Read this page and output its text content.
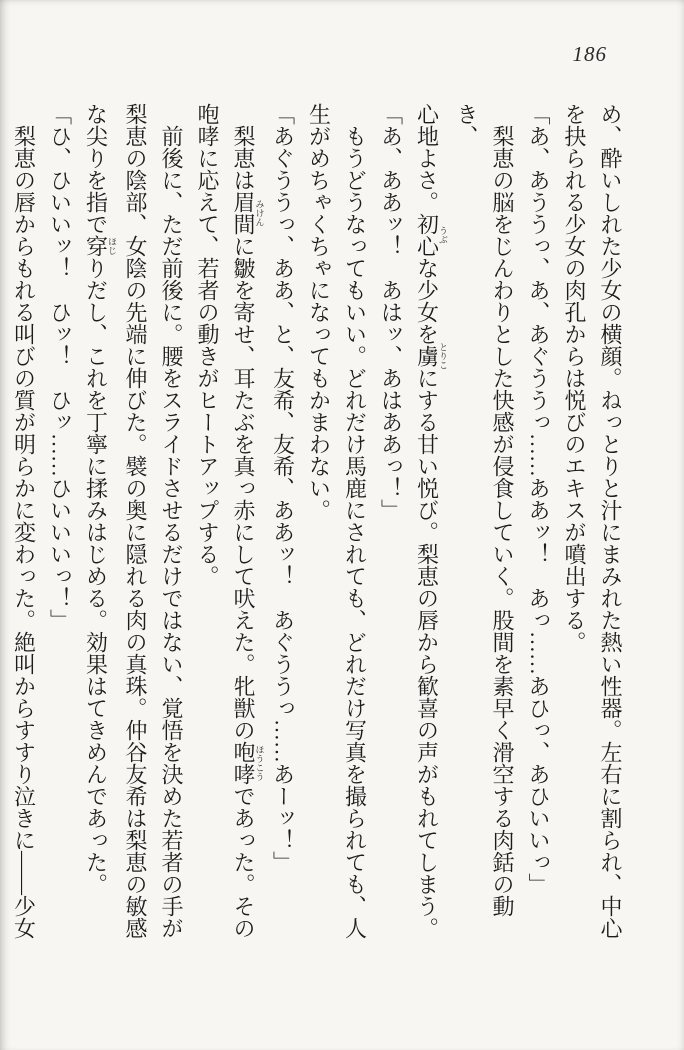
186
め、酔いしれた少女の横顔。ねっとりと汁にまみれた熱い性器。左右に割られ、中心
を抉られる少女の肉孔からは悦びのエキスが噴出する。
「あ、あううっ、あ、あぐううっ……ああッ！　あっ……あひっ、あひいいっ」
　梨恵の脳をじんわりとした快感が侵食していく。股間を素早く滑空する肉銛の動き、
心地よさ。初心うぶな少女を虜とりこにする甘い悦び。梨恵の唇から歓喜の声がもれてしまう。
「あ、ああッ！　あはッ、あはああっ！」
　もうどうなってもいい。どれだけ馬鹿にされても、どれだけ写真を撮られても、人
生がめちゃくちゃになってもかまわない。
「あぐううっ、ああ、と、友希、友希、ああッ！　あぐううっ……あーッ！」
　梨恵は眉間みけんに皺を寄せ、耳たぶを真っ赤にして吠えた。牝獣の咆哮ほうこうであった。その
咆哮に応えて、若者の動きがヒートアップする。
　前後に、ただ前後に。腰をスライドさせるだけではない、覚悟を決めた若者の手が
梨恵の陰部、女陰の先端に伸びた。襞の奥に隠れる肉の真珠。仲谷友希は梨恵の敏感
な尖りを指で穿ほじりだし、これを丁寧に揉みはじめる。効果はてきめんであった。
「ひ、ひいいッ！　ひッ！　ひッ……ひいいいっ！」
　梨恵の唇からもれる叫びの質が明らかに変わった。絶叫からすすり泣きに――少女
